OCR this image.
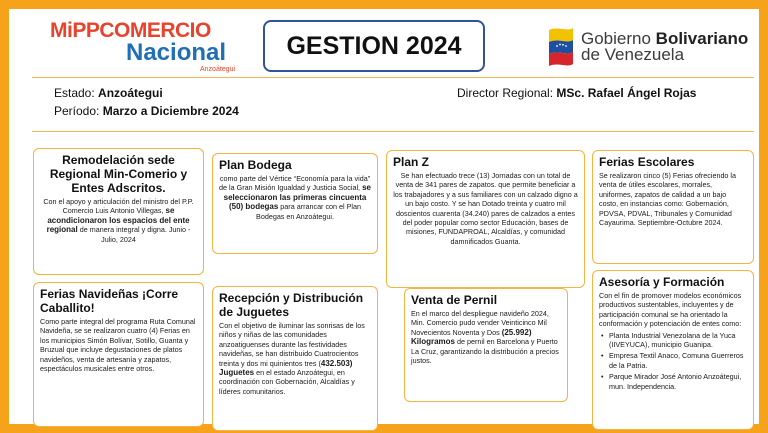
MiPPCOMERCIO
Nacional
Anzoátegui
GESTION 2024	Gobierno Bolivariano
de Venezuela
Estado: Anzoátegui
Período: Marzo a Diciembre 2024
Director Regional: MSc. Rafael Ángel Rojas
Remodelación sede Regional Min-Comerio y Entes Adscritos.

Con el apoyo y articulación del ministro del P.P. Comercio Luis Antonio Villegas, se acondicionaron los espacios del ente regional de manera integral y digna. Junio - Julio, 2024

Plan Bodega

como parte del Vértice “Economía para la vida” de la Gran Misión Igualdad y Justicia Social, se seleccionaron las primeras cincuenta (50) bodegas para arrancar con el Plan Bodegas en Anzoátegui.

Plan Z

Se han efectuado trece (13) Jornadas con un total de venta de 341 pares de zapatos. que permite beneficiar a los trabajadores y a sus familiares con un calzado digno a un bajo costo. Y se han Dotado treinta y cuatro mil doscientos cuarenta (34.240) pares de calzados a entes del poder popular como sector Educación, bases de misiones, FUNDAPROAL, Alcaldías, y comunidad damnificados Guanta.

Ferias Escolares

Se realizaron cinco (5) Ferias ofreciendo la venta de útiles escolares, morrales, uniformes, zapatos de calidad a un bajo costo, en instancias como: Gobernación, PDVSA, PDVAL, Tribunales y Comunidad Cayaurima. Septiembre-Octubre 2024.

Ferias Navideñas ¡Corre Caballito!

Como parte integral del programa Ruta Comunal Navideña, se se realizaron cuatro (4) Ferias en los municipios Simón Bolívar, Sotillo, Guanta y Bruzual que incluye degustaciones de platos navideños, venta de artesanía y zapatos, espectáculos musicales entre otros.

Recepción y Distribución de Juguetes

Con el objetivo de iluminar las sonrisas de los niños y niñas de las comunidades anzoatiguenses durante las festividades navideñas, se han distribuido Cuatrocientos treinta y dos mi quinientos tres (432.503) Juguetes en el estado Anzoátegui, en coordinación con Gobernación, Alcaldías y líderes comunitarios.

Venta de Pernil

En el marco del despliegue navideño 2024, Min. Comercio pudo vender Veinticinco Mil Novecientos Noventa y Dos (25.992) Kilogramos de pernil en Barcelona y Puerto La Cruz, garantizando la distribución a precios justos.

Asesoría y Formación

Con el fin de promover modelos económicos productivos sustentables, incluyentes y de participación comunal se ha orientado la conformación y potenciación de entes como:

• Planta Industrial Venezolana de la Yuca (IIVEYUCA), municipio Guanipa.
• Empresa Textil Anaco, Comuna Guerreros de la Patria.
• Parque Mirador José Antonio Anzoátegui, mun. Independencia.
